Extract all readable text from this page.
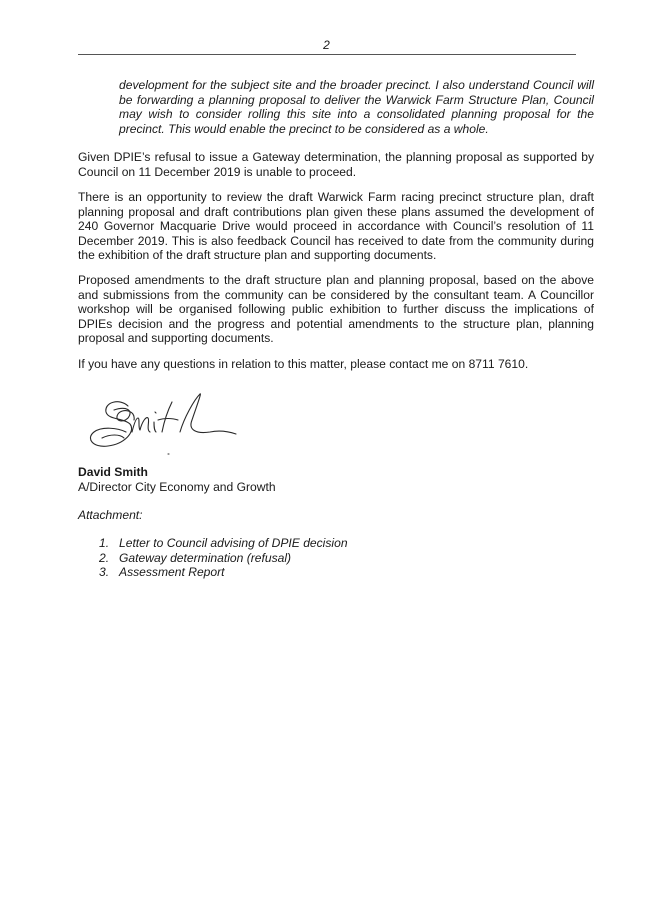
2

development for the subject site and the broader precinct. I also understand Council will be forwarding a planning proposal to deliver the Warwick Farm Structure Plan, Council may wish to consider rolling this site into a consolidated planning proposal for the precinct. This would enable the precinct to be considered as a whole.

Given DPIE’s refusal to issue a Gateway determination, the planning proposal as supported by Council on 11 December 2019 is unable to proceed.

There is an opportunity to review the draft Warwick Farm racing precinct structure plan, draft planning proposal and draft contributions plan given these plans assumed the development of 240 Governor Macquarie Drive would proceed in accordance with Council’s resolution of 11 December 2019. This is also feedback Council has received to date from the community during the exhibition of the draft structure plan and supporting documents.

Proposed amendments to the draft structure plan and planning proposal, based on the above and submissions from the community can be considered by the consultant team. A Councillor workshop will be organised following public exhibition to further discuss the implications of DPIEs decision and the progress and potential amendments to the structure plan, planning proposal and supporting documents.

If you have any questions in relation to this matter, please contact me on 8711 7610.

David Smith

A/Director City Economy and Growth

Attachment:

1. Letter to Council advising of DPIE decision
2. Gateway determination (refusal)
3. Assessment Report
